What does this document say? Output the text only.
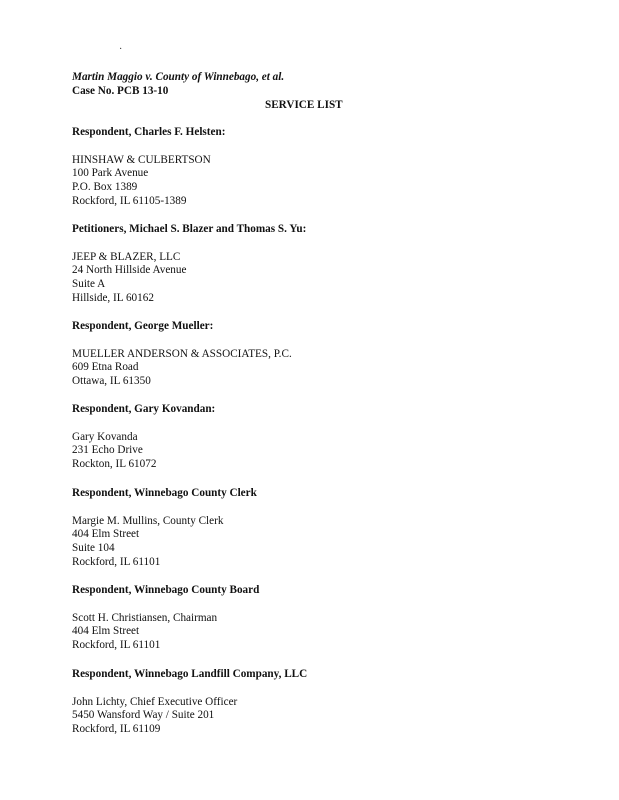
·
Martin Maggio v. County of Winnebago, et al.
Case No. PCB 13-10
SERVICE LIST
Respondent, Charles F. Helsten:
HINSHAW & CULBERTSON
100 Park Avenue
P.O. Box 1389
Rockford, IL 61105-1389
Petitioners, Michael S. Blazer and Thomas S. Yu:
JEEP & BLAZER, LLC
24 North Hillside Avenue
Suite A
Hillside, IL 60162
Respondent, George Mueller:
MUELLER ANDERSON & ASSOCIATES, P.C.
609 Etna Road
Ottawa, IL 61350
Respondent, Gary Kovandan:
Gary Kovanda
231 Echo Drive
Rockton, IL 61072
Respondent, Winnebago County Clerk
Margie M. Mullins, County Clerk
404 Elm Street
Suite 104
Rockford, IL 61101
Respondent, Winnebago County Board
Scott H. Christiansen, Chairman
404 Elm Street
Rockford, IL 61101
Respondent, Winnebago Landfill Company, LLC
John Lichty, Chief Executive Officer
5450 Wansford Way / Suite 201
Rockford, IL 61109
